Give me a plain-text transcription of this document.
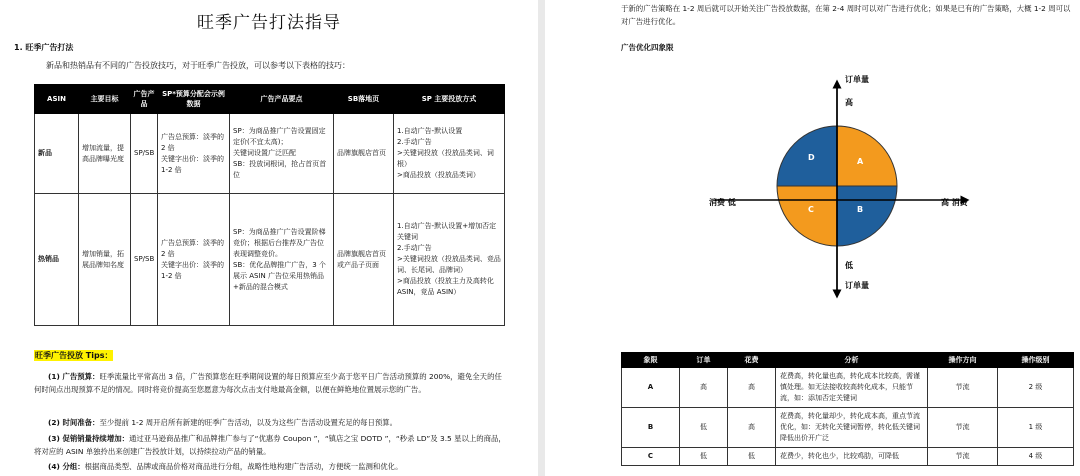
旺季广告打法指导
1. 旺季广告打法
新品和热销品有不同的广告投放技巧，对于旺季广告投放，可以参考以下表格的技巧：
ASIN	主要目标	广告产品	SP*预算分配会示例数据	广告产品要点	SB落地页	SP 主要投放方式
新品	增加流量，提高品牌曝光度	SP/SB	广告总预算：淡季的 2 倍
关键字出价：淡季的 1-2 倍	SP：为商品推广广告设置固定定价(不宜太高)；
关键词设置广泛匹配
SB：投放词根词，抢占首页首位	品牌旗舰店首页	1.自动广告-默认设置
2.手动广告
>关键词投放（投放品类词、词根）
>商品投放（投放品类词）
热销品	增加销量，拓展品牌知名度	SP/SB	广告总预算：淡季的 2 倍
关键字出价：淡季的 1-2 倍	SP：为商品推广广告设置阶梯竞价；根据后台推荐及广告位表现调整竞价。
SB：优化品牌推广广告，3 个展示 ASIN 广告位采用热销品+新品的混合模式	品牌旗舰店首页或产品子页面	1.自动广告-默认设置+增加否定关键词
2.手动广告
>关键词投放（投放品类词、竞品词、长尾词、品牌词）
>商品投放（投放主力及高转化 ASIN，竞品 ASIN）
旺季广告投放 Tips：
(1) 广告预算：旺季流量比平常高出 3 倍，广告预算您在旺季期间设置的每日预算应至少高于您平日广告活动预算的 200%，避免全天的任何时间点出现预算不足的情况。同时将竞价提高至您愿意为每次点击支付地最高金额，以便在鲜艳地位置展示您的广告。
(2) 时间准备：至少提前 1-2 周开启所有新建的旺季广告活动，以及为这些广告活动设置充足的每日预算。
(3) 促销销量持续增加：通过亚马逊商品推广和品牌推广参与了“优惠券 Coupon ”，“镇店之宝 DOTD ”，“秒杀 LD”及 3.5 星以上的商品，将对应的 ASIN 单独拎出来创建广告投放计划，以持续拉动产品的销量。
(4) 分组：根据商品类型、品牌或商品价格对商品进行分组，战略性地构建广告活动，方便统一监测和优化。
于新的广告策略在 1-2 周后就可以开始关注广告投放数据，在第 2-4 周时可以对广告进行优化；如果是已有的广告策略，大概 1-2 周可以对广告进行优化。
广告优化四象限
订单量
高
低
订单量
消费 低	高 消费
A
B
C
D
象限	订单	花费	分析	操作方向	操作级别
A	高	高	花费高，转化量也高，转化成本比较高，需谨慎处理。如无法接收较高转化成本，只能节流，如：添加否定关键词	节流	2 级
B	低	高	花费高，转化量却少，转化成本高，重点节流优化，如：无转化关键词暂停，转化低关键词降低出价开广泛	节流	1 级
C	低	低	花费少，转化也少，比较鸡肋，可降低	节流	4 级
